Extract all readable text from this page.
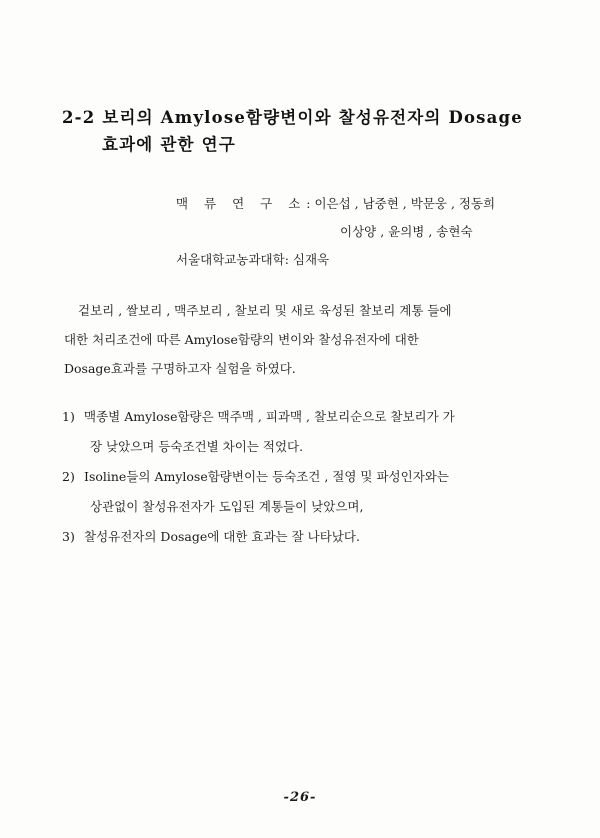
2-2 보리의 Amylose함량변이와 찰성유전자의 Dosage
효과에 관한 연구
맥 류 연 구 소: 이은섭 , 남중현 , 박문웅 , 정동희
이상양 , 윤의병 , 송현숙
서울대학교농과대학: 심재욱
겉보리 , 쌀보리 , 맥주보리 , 찰보리 및 새로 육성된 찰보리 계통 들에
대한 처리조건에 따른 Amylose함량의 변이와 찰성유전자에 대한
Dosage효과를 구명하고자 실험을 하였다.
1) 맥종별 Amylose함량은 맥주맥 , 피과맥 , 찰보리순으로 찰보리가 가
장 낮았으며 등숙조건별 차이는 적었다.
2) Isoline들의 Amylose함량변이는 등숙조건 , 절영 및 파성인자와는
상관없이 찰성유전자가 도입된 계통들이 낮았으며,
3) 찰성유전자의 Dosage에 대한 효과는 잘 나타났다.
-26-
